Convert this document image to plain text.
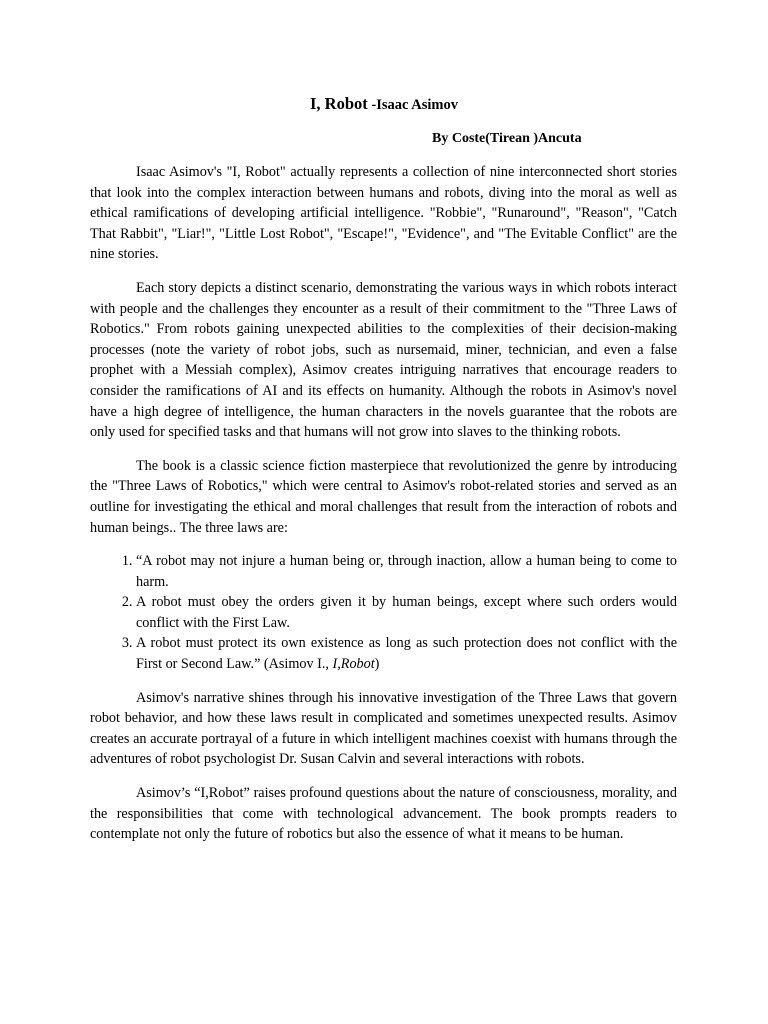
I, Robot -Isaac Asimov
By Coste(Tirean )Ancuta

Isaac Asimov's "I, Robot" actually represents a collection of nine interconnected short stories that look into the complex interaction between humans and robots, diving into the moral as well as ethical ramifications of developing artificial intelligence. "Robbie", "Runaround", "Reason", "Catch That Rabbit", "Liar!", "Little Lost Robot", "Escape!", "Evidence", and "The Evitable Conflict" are the nine stories.

Each story depicts a distinct scenario, demonstrating the various ways in which robots interact with people and the challenges they encounter as a result of their commitment to the "Three Laws of Robotics." From robots gaining unexpected abilities to the complexities of their decision-making processes (note the variety of robot jobs, such as nursemaid, miner, technician, and even a false prophet with a Messiah complex), Asimov creates intriguing narratives that encourage readers to consider the ramifications of AI and its effects on humanity. Although the robots in Asimov's novel have a high degree of intelligence, the human characters in the novels guarantee that the robots are only used for specified tasks and that humans will not grow into slaves to the thinking robots.

The book is a classic science fiction masterpiece that revolutionized the genre by introducing the "Three Laws of Robotics," which were central to Asimov's robot-related stories and served as an outline for investigating the ethical and moral challenges that result from the interaction of robots and human beings.. The three laws are:

1. “A robot may not injure a human being or, through inaction, allow a human being to come to harm.
2. A robot must obey the orders given it by human beings, except where such orders would conflict with the First Law.
3. A robot must protect its own existence as long as such protection does not conflict with the First or Second Law.” (Asimov I., I,Robot)

Asimov's narrative shines through his innovative investigation of the Three Laws that govern robot behavior, and how these laws result in complicated and sometimes unexpected results. Asimov creates an accurate portrayal of a future in which intelligent machines coexist with humans through the adventures of robot psychologist Dr. Susan Calvin and several interactions with robots.

Asimov’s “I,Robot” raises profound questions about the nature of consciousness, morality, and the responsibilities that come with technological advancement. The book prompts readers to contemplate not only the future of robotics but also the essence of what it means to be human.
